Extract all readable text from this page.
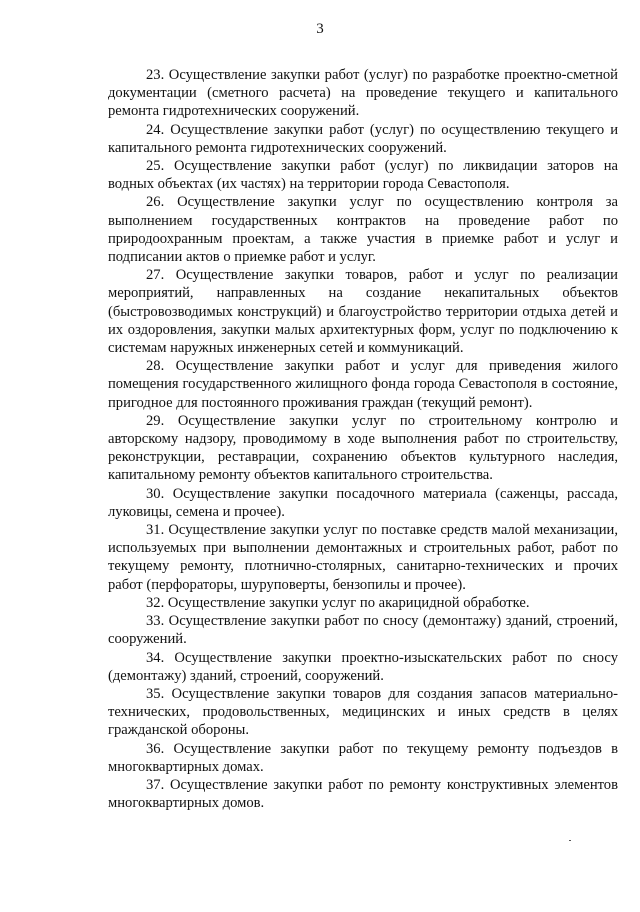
3

23. Осуществление закупки работ (услуг) по разработке проектно-сметной документации (сметного расчета) на проведение текущего и капитального ремонта гидротехнических сооружений.

24. Осуществление закупки работ (услуг) по осуществлению текущего и капитального ремонта гидротехнических сооружений.

25. Осуществление закупки работ (услуг) по ликвидации заторов на водных объектах (их частях) на территории города Севастополя.

26. Осуществление закупки услуг по осуществлению контроля за выполнением государственных контрактов на проведение работ по природоохранным проектам, а также участия в приемке работ и услуг и подписании актов о приемке работ и услуг.

27. Осуществление закупки товаров, работ и услуг по реализации мероприятий, направленных на создание некапитальных объектов (быстровозводимых конструкций) и благоустройство территории отдыха детей и их оздоровления, закупки малых архитектурных форм, услуг по подключению к системам наружных инженерных сетей и коммуникаций.

28. Осуществление закупки работ и услуг для приведения жилого помещения государственного жилищного фонда города Севастополя в состояние, пригодное для постоянного проживания граждан (текущий ремонт).

29. Осуществление закупки услуг по строительному контролю и авторскому надзору, проводимому в ходе выполнения работ по строительству, реконструкции, реставрации, сохранению объектов культурного наследия, капитальному ремонту объектов капитального строительства.

30. Осуществление закупки посадочного материала (саженцы, рассада, луковицы, семена и прочее).

31. Осуществление закупки услуг по поставке средств малой механизации, используемых при выполнении демонтажных и строительных работ, работ по текущему ремонту, плотнично-столярных, санитарно-технических и прочих работ (перфораторы, шуруповерты, бензопилы и прочее).

32. Осуществление закупки услуг по акарицидной обработке.

33. Осуществление закупки работ по сносу (демонтажу) зданий, строений, сооружений.

34. Осуществление закупки проектно-изыскательских работ по сносу (демонтажу) зданий, строений, сооружений.

35. Осуществление закупки товаров для создания запасов материально-технических, продовольственных, медицинских и иных средств в целях гражданской обороны.

36. Осуществление закупки работ по текущему ремонту подъездов в многоквартирных домах.

37. Осуществление закупки работ по ремонту конструктивных элементов многоквартирных домов.
